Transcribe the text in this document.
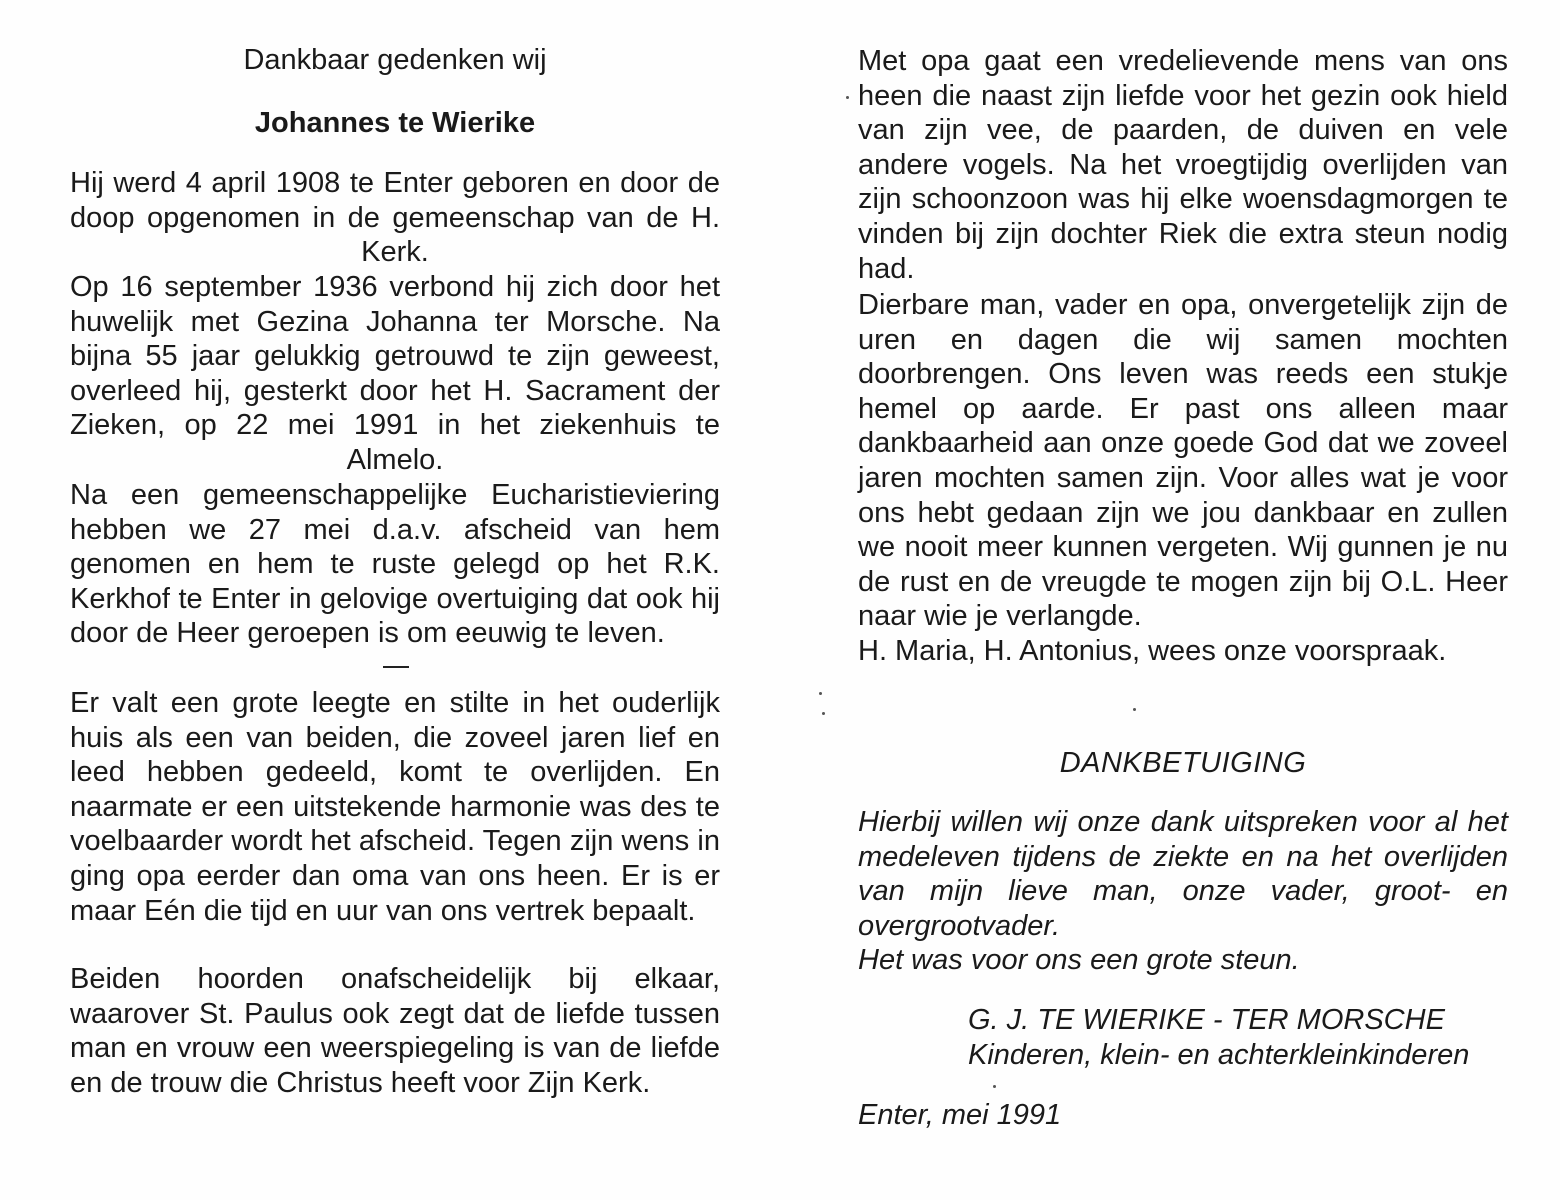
Dankbaar gedenken wij
Johannes te Wierike

Hij werd 4 april 1908 te Enter geboren en door de doop opgenomen in de gemeenschap van de H. Kerk.

Op 16 september 1936 verbond hij zich door het huwelijk met Gezina Johanna ter Morsche. Na bijna 55 jaar gelukkig getrouwd te zijn geweest, overleed hij, gesterkt door het H. Sacrament der Zieken, op 22 mei 1991 in het ziekenhuis te Almelo.

Na een gemeenschappelijke Eucharistieviering hebben we 27 mei d.a.v. afscheid van hem genomen en hem te ruste gelegd op het R.K. Kerkhof te Enter in gelovige overtuiging dat ook hij door de Heer geroepen is om eeuwig te leven.

Er valt een grote leegte en stilte in het ouderlijk huis als een van beiden, die zoveel jaren lief en leed hebben gedeeld, komt te overlijden. En naarmate er een uitstekende harmonie was des te voelbaarder wordt het afscheid. Tegen zijn wens in ging opa eerder dan oma van ons heen. Er is er maar Eén die tijd en uur van ons vertrek bepaalt.

Beiden hoorden onafscheidelijk bij elkaar, waarover St. Paulus ook zegt dat de liefde tussen man en vrouw een weerspiegeling is van de liefde en de trouw die Christus heeft voor Zijn Kerk.

Met opa gaat een vredelievende mens van ons heen die naast zijn liefde voor het gezin ook hield van zijn vee, de paarden, de duiven en vele andere vogels. Na het vroegtijdig overlijden van zijn schoonzoon was hij elke woensdagmorgen te vinden bij zijn dochter Riek die extra steun nodig had.

Dierbare man, vader en opa, onvergetelijk zijn de uren en dagen die wij samen mochten doorbrengen. Ons leven was reeds een stukje hemel op aarde. Er past ons alleen maar dankbaarheid aan onze goede God dat we zoveel jaren mochten samen zijn. Voor alles wat je voor ons hebt gedaan zijn we jou dankbaar en zullen we nooit meer kunnen vergeten. Wij gunnen je nu de rust en de vreugde te mogen zijn bij O.L. Heer naar wie je verlangde.

H. Maria, H. Antonius, wees onze voorspraak.

DANKBETUIGING
Hierbij willen wij onze dank uitspreken voor al het medeleven tijdens de ziekte en na het overlijden van mijn lieve man, onze vader, groot- en overgrootvader.
Het was voor ons een grote steun.
G. J. TE WIERIKE - TER MORSCHE
Kinderen, klein- en achterkleinkinderen
Enter, mei 1991
